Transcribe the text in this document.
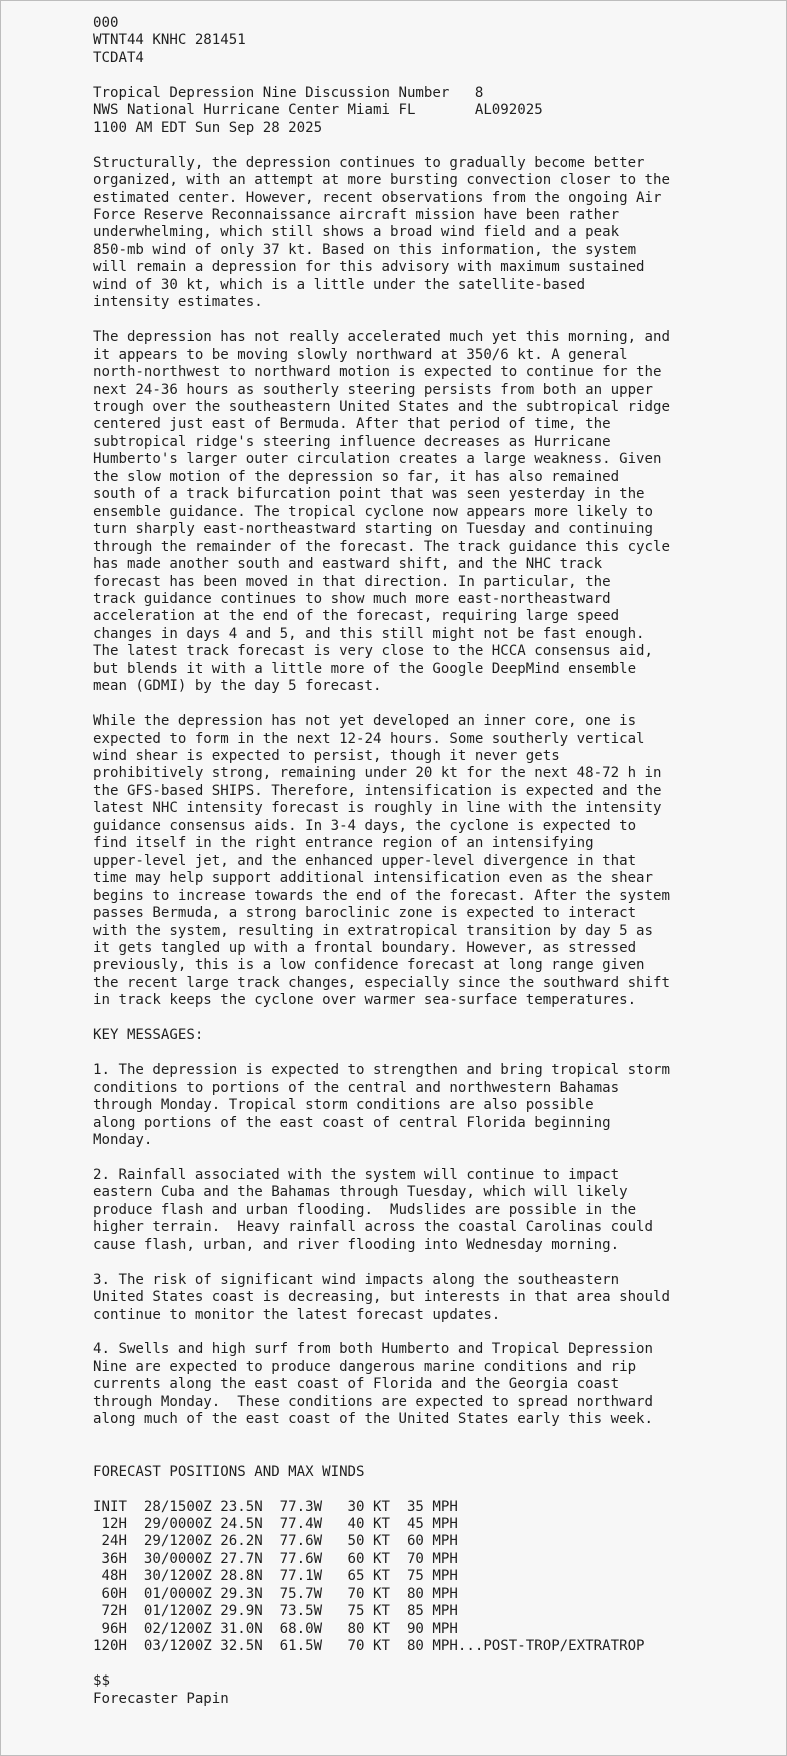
000
WTNT44 KNHC 281451
TCDAT4

Tropical Depression Nine Discussion Number   8
NWS National Hurricane Center Miami FL       AL092025
1100 AM EDT Sun Sep 28 2025

Structurally, the depression continues to gradually become better
organized, with an attempt at more bursting convection closer to the
estimated center. However, recent observations from the ongoing Air
Force Reserve Reconnaissance aircraft mission have been rather
underwhelming, which still shows a broad wind field and a peak
850-mb wind of only 37 kt. Based on this information, the system
will remain a depression for this advisory with maximum sustained
wind of 30 kt, which is a little under the satellite-based
intensity estimates.

The depression has not really accelerated much yet this morning, and
it appears to be moving slowly northward at 350/6 kt. A general
north-northwest to northward motion is expected to continue for the
next 24-36 hours as southerly steering persists from both an upper
trough over the southeastern United States and the subtropical ridge
centered just east of Bermuda. After that period of time, the
subtropical ridge's steering influence decreases as Hurricane
Humberto's larger outer circulation creates a large weakness. Given
the slow motion of the depression so far, it has also remained
south of a track bifurcation point that was seen yesterday in the
ensemble guidance. The tropical cyclone now appears more likely to
turn sharply east-northeastward starting on Tuesday and continuing
through the remainder of the forecast. The track guidance this cycle
has made another south and eastward shift, and the NHC track
forecast has been moved in that direction. In particular, the
track guidance continues to show much more east-northeastward
acceleration at the end of the forecast, requiring large speed
changes in days 4 and 5, and this still might not be fast enough.
The latest track forecast is very close to the HCCA consensus aid,
but blends it with a little more of the Google DeepMind ensemble
mean (GDMI) by the day 5 forecast.

While the depression has not yet developed an inner core, one is
expected to form in the next 12-24 hours. Some southerly vertical
wind shear is expected to persist, though it never gets
prohibitively strong, remaining under 20 kt for the next 48-72 h in
the GFS-based SHIPS. Therefore, intensification is expected and the
latest NHC intensity forecast is roughly in line with the intensity
guidance consensus aids. In 3-4 days, the cyclone is expected to
find itself in the right entrance region of an intensifying
upper-level jet, and the enhanced upper-level divergence in that
time may help support additional intensification even as the shear
begins to increase towards the end of the forecast. After the system
passes Bermuda, a strong baroclinic zone is expected to interact
with the system, resulting in extratropical transition by day 5 as
it gets tangled up with a frontal boundary. However, as stressed
previously, this is a low confidence forecast at long range given
the recent large track changes, especially since the southward shift
in track keeps the cyclone over warmer sea-surface temperatures.

KEY MESSAGES:

1. The depression is expected to strengthen and bring tropical storm
conditions to portions of the central and northwestern Bahamas
through Monday. Tropical storm conditions are also possible
along portions of the east coast of central Florida beginning
Monday.

2. Rainfall associated with the system will continue to impact
eastern Cuba and the Bahamas through Tuesday, which will likely
produce flash and urban flooding.  Mudslides are possible in the
higher terrain.  Heavy rainfall across the coastal Carolinas could
cause flash, urban, and river flooding into Wednesday morning.

3. The risk of significant wind impacts along the southeastern
United States coast is decreasing, but interests in that area should
continue to monitor the latest forecast updates.

4. Swells and high surf from both Humberto and Tropical Depression
Nine are expected to produce dangerous marine conditions and rip
currents along the east coast of Florida and the Georgia coast
through Monday.  These conditions are expected to spread northward
along much of the east coast of the United States early this week.

FORECAST POSITIONS AND MAX WINDS

INIT  28/1500Z 23.5N  77.3W   30 KT  35 MPH
12H  29/0000Z 24.5N  77.4W   40 KT  45 MPH
24H  29/1200Z 26.2N  77.6W   50 KT  60 MPH
36H  30/0000Z 27.7N  77.6W   60 KT  70 MPH
48H  30/1200Z 28.8N  77.1W   65 KT  75 MPH
60H  01/0000Z 29.3N  75.7W   70 KT  80 MPH
72H  01/1200Z 29.9N  73.5W   75 KT  85 MPH
96H  02/1200Z 31.0N  68.0W   80 KT  90 MPH
120H  03/1200Z 32.5N  61.5W   70 KT  80 MPH...POST-TROP/EXTRATROP

$$
Forecaster Papin
